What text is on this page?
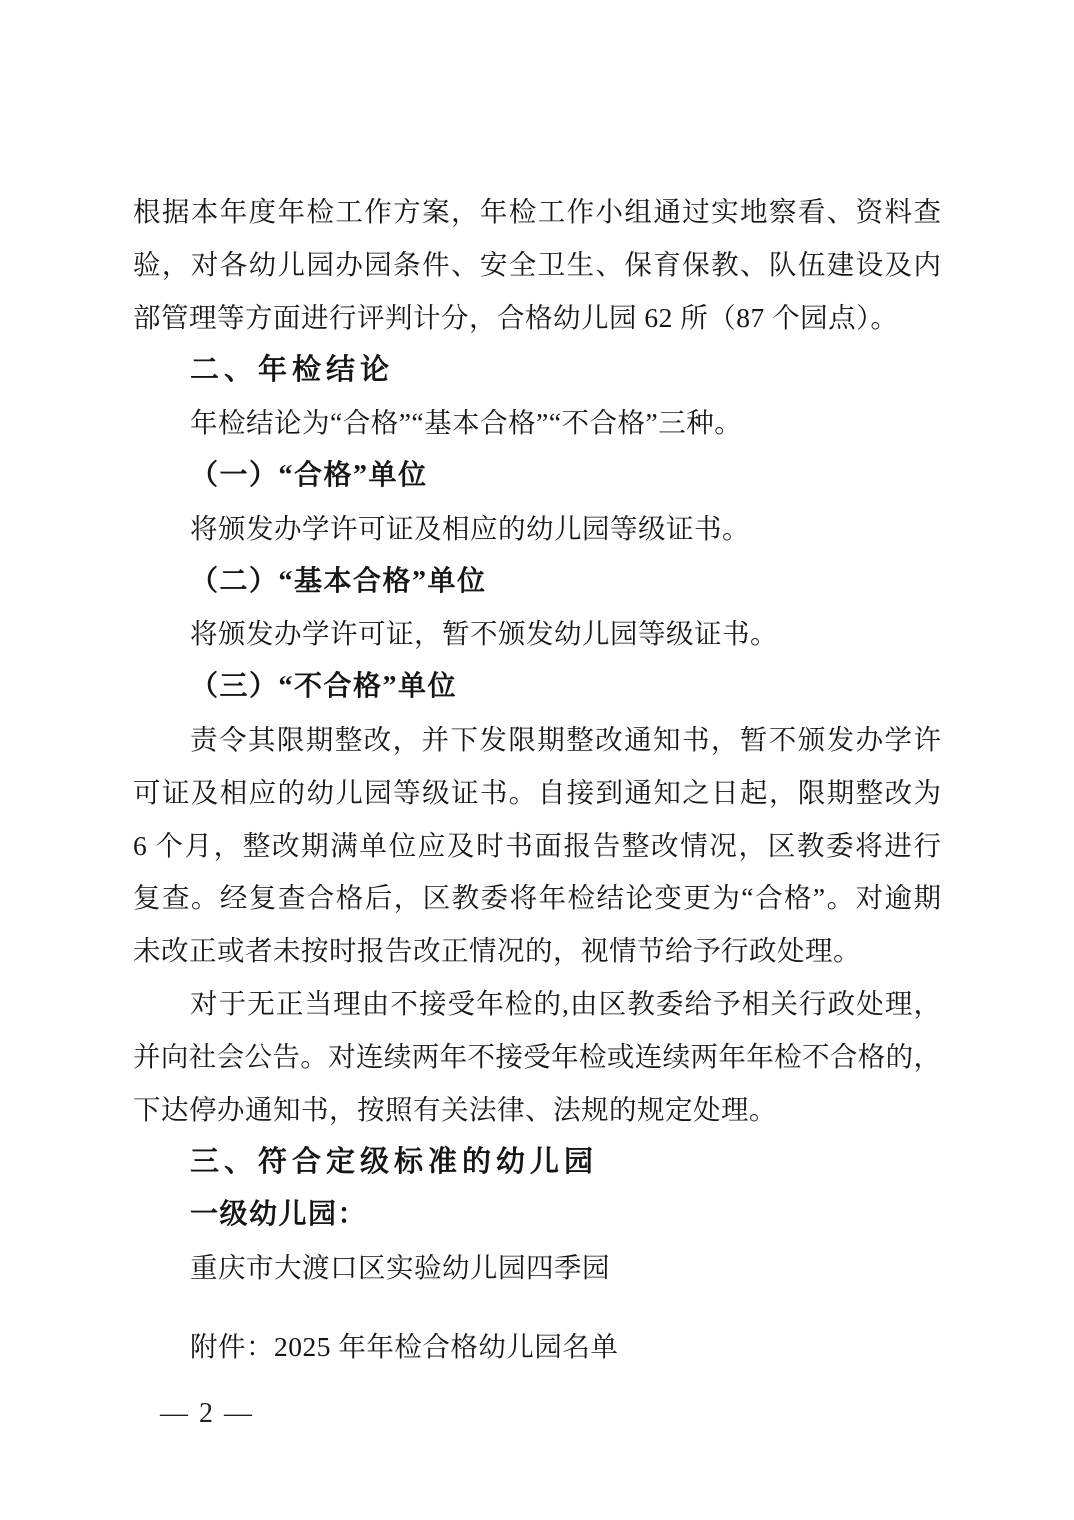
根据本年度年检工作方案，年检工作小组通过实地察看、资料查
验，对各幼儿园办园条件、安全卫生、保育保教、队伍建设及内
部管理等方面进行评判计分，合格幼儿园 62 所（87 个园点）。
二、年检结论
年检结论为“合格”“基本合格”“不合格”三种。
（一）“合格”单位
将颁发办学许可证及相应的幼儿园等级证书。
（二）“基本合格”单位
将颁发办学许可证，暂不颁发幼儿园等级证书。
（三）“不合格”单位
责令其限期整改，并下发限期整改通知书，暂不颁发办学许
可证及相应的幼儿园等级证书。自接到通知之日起，限期整改为
6 个月，整改期满单位应及时书面报告整改情况，区教委将进行
复查。经复查合格后，区教委将年检结论变更为“合格”。对逾期
未改正或者未按时报告改正情况的，视情节给予行政处理。
对于无正当理由不接受年检的,由区教委给予相关行政处理，
并向社会公告。对连续两年不接受年检或连续两年年检不合格的，
下达停办通知书，按照有关法律、法规的规定处理。
三、符合定级标准的幼儿园
一级幼儿园：
重庆市大渡口区实验幼儿园四季园
附件：2025 年年检合格幼儿园名单
— 2 —
